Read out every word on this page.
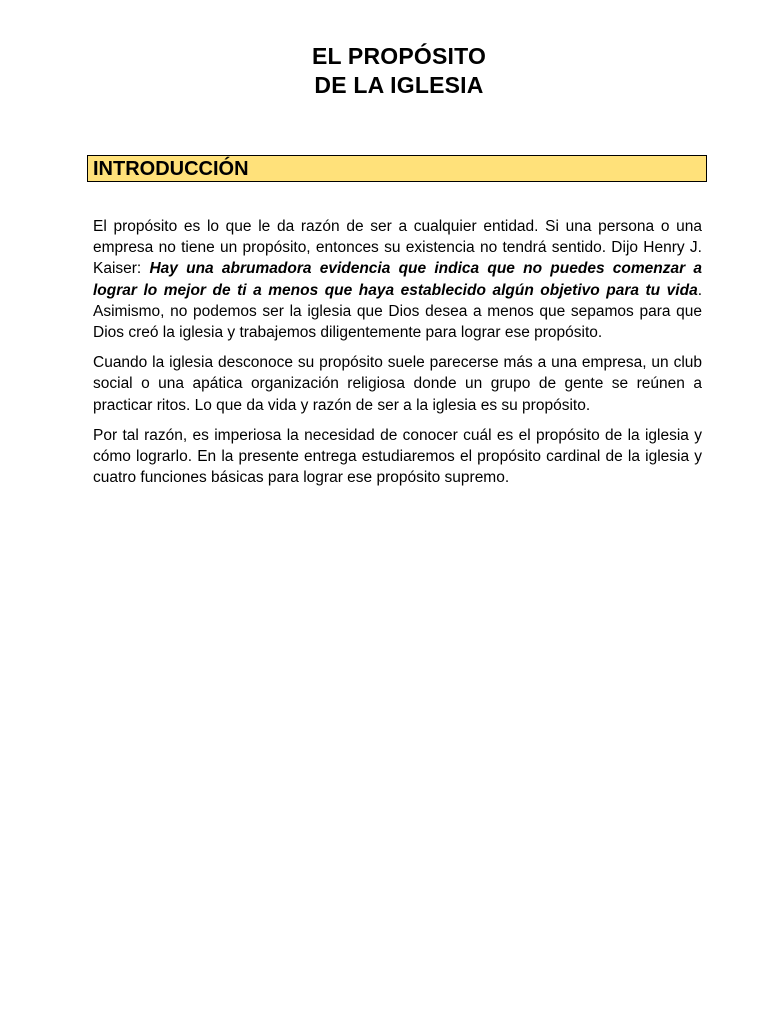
EL PROPÓSITO
DE LA IGLESIA
INTRODUCCIÓN

El propósito es lo que le da razón de ser a cualquier entidad. Si una persona o una empresa no tiene un propósito, entonces su existencia no tendrá sentido. Dijo Henry J. Kaiser: Hay una abrumadora evidencia que indica que no puedes comenzar a lograr lo mejor de ti a menos que haya establecido algún objetivo para tu vida. Asimismo, no podemos ser la iglesia que Dios desea a menos que sepamos para que Dios creó la iglesia y trabajemos diligentemente para lograr ese propósito.

Cuando la iglesia desconoce su propósito suele parecerse más a una empresa, un club social o una apática organización religiosa donde un grupo de gente se reúnen a practicar ritos. Lo que da vida y razón de ser a la iglesia es su propósito.

Por tal razón, es imperiosa la necesidad de conocer cuál es el propósito de la iglesia y cómo lograrlo. En la presente entrega estudiaremos el propósito cardinal de la iglesia y cuatro funciones básicas para lograr ese propósito supremo.
